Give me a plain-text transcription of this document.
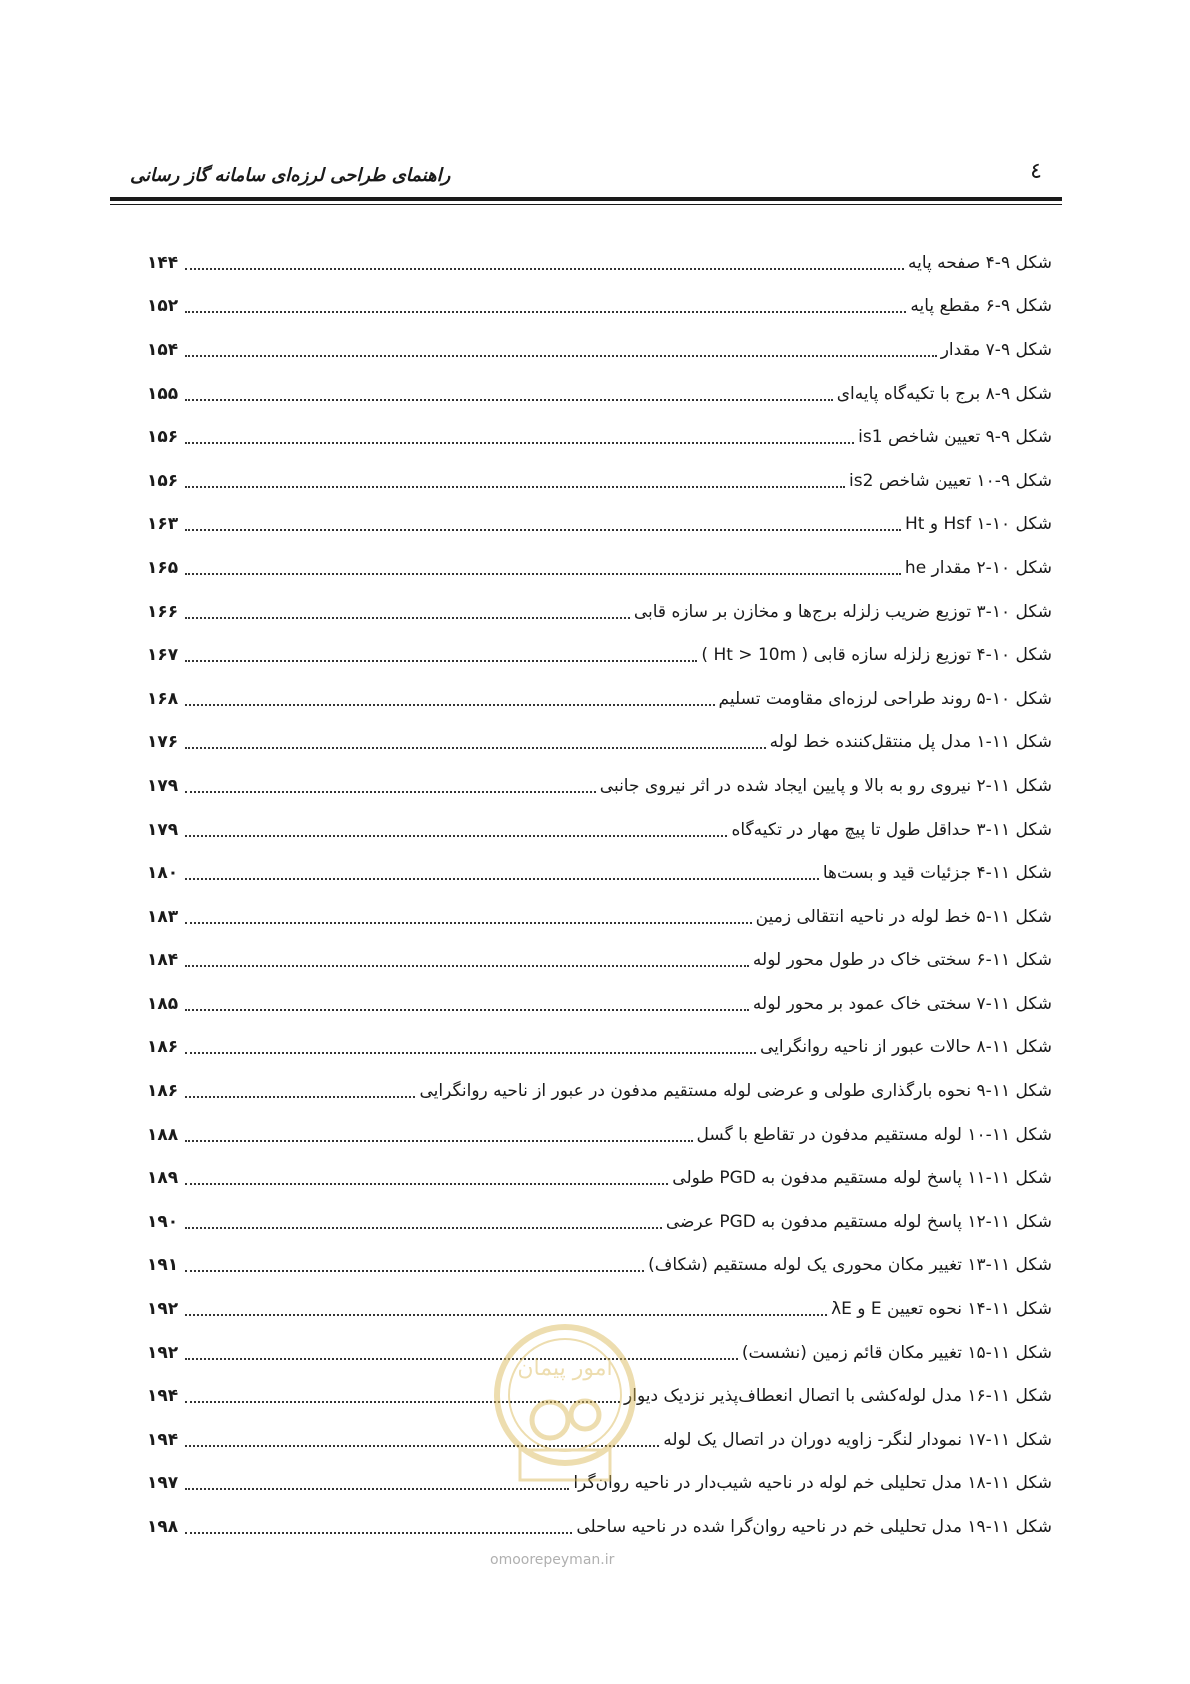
٤
راهنمای طراحی لرزه‌ای سامانه گاز رسانی
شکل ۹-۴ صفحه پایه
۱۴۴
شکل ۹-۶ مقطع پایه
۱۵۲
شکل ۹-۷ مقدار
۱۵۴
شکل ۹-۸ برج با تکیه‌گاه پایه‌ای
۱۵۵
شکل ۹-۹ تعیین شاخص is1
۱۵۶
شکل ۹-۱۰ تعیین شاخص is2
۱۵۶
شکل ۱۰-۱ Hsf و Ht
۱۶۳
شکل ۱۰-۲ مقدار he
۱۶۵
شکل ۱۰-۳ توزیع ضریب زلزله برج‌ها و مخازن بر سازه قابی
۱۶۶
شکل ۱۰-۴ توزیع زلزله سازه قابی ( Ht > 10m )
۱۶۷
شکل ۱۰-۵ روند طراحی لرزه‌ای مقاومت تسلیم
۱۶۸
شکل ۱۱-۱ مدل پل منتقل‌کننده خط لوله
۱۷۶
شکل ۱۱-۲ نیروی رو به بالا و پایین ایجاد شده در اثر نیروی جانبی
۱۷۹
شکل ۱۱-۳ حداقل طول تا پیچ مهار در تکیه‌گاه
۱۷۹
شکل ۱۱-۴ جزئیات قید و بست‌ها
۱۸۰
شکل ۱۱-۵ خط لوله در ناحیه انتقالی زمین
۱۸۳
شکل ۱۱-۶ سختی خاک در طول محور لوله
۱۸۴
شکل ۱۱-۷ سختی خاک عمود بر محور لوله
۱۸۵
شکل ۱۱-۸ حالات عبور از ناحیه روانگرایی
۱۸۶
شکل ۱۱-۹ نحوه بارگذاری طولی و عرضی لوله مستقیم مدفون در عبور از ناحیه روانگرایی
۱۸۶
شکل ۱۱-۱۰ لوله مستقیم مدفون در تقاطع با گسل
۱۸۸
شکل ۱۱-۱۱ پاسخ لوله مستقیم مدفون به PGD طولی
۱۸۹
شکل ۱۱-۱۲ پاسخ لوله مستقیم مدفون به PGD عرضی
۱۹۰
شکل ۱۱-۱۳ تغییر مکان محوری یک لوله مستقیم (شکاف)
۱۹۱
شکل ۱۱-۱۴ نحوه تعیین E و λE
۱۹۲
شکل ۱۱-۱۵ تغییر مکان قائم زمین (نشست)
۱۹۲
شکل ۱۱-۱۶ مدل لوله‌کشی با اتصال انعطاف‌پذیر نزدیک دیوار
۱۹۴
شکل ۱۱-۱۷ نمودار لنگر- زاویه دوران در اتصال یک لوله
۱۹۴
شکل ۱۱-۱۸ مدل تحلیلی خم لوله در ناحیه شیب‌دار در ناحیه روان‌گرا
۱۹۷
شکل ۱۱-۱۹ مدل تحلیلی خم در ناحیه روان‌گرا شده در ناحیه ساحلی
۱۹۸
امور پیمان
omoorepeyman.ir
